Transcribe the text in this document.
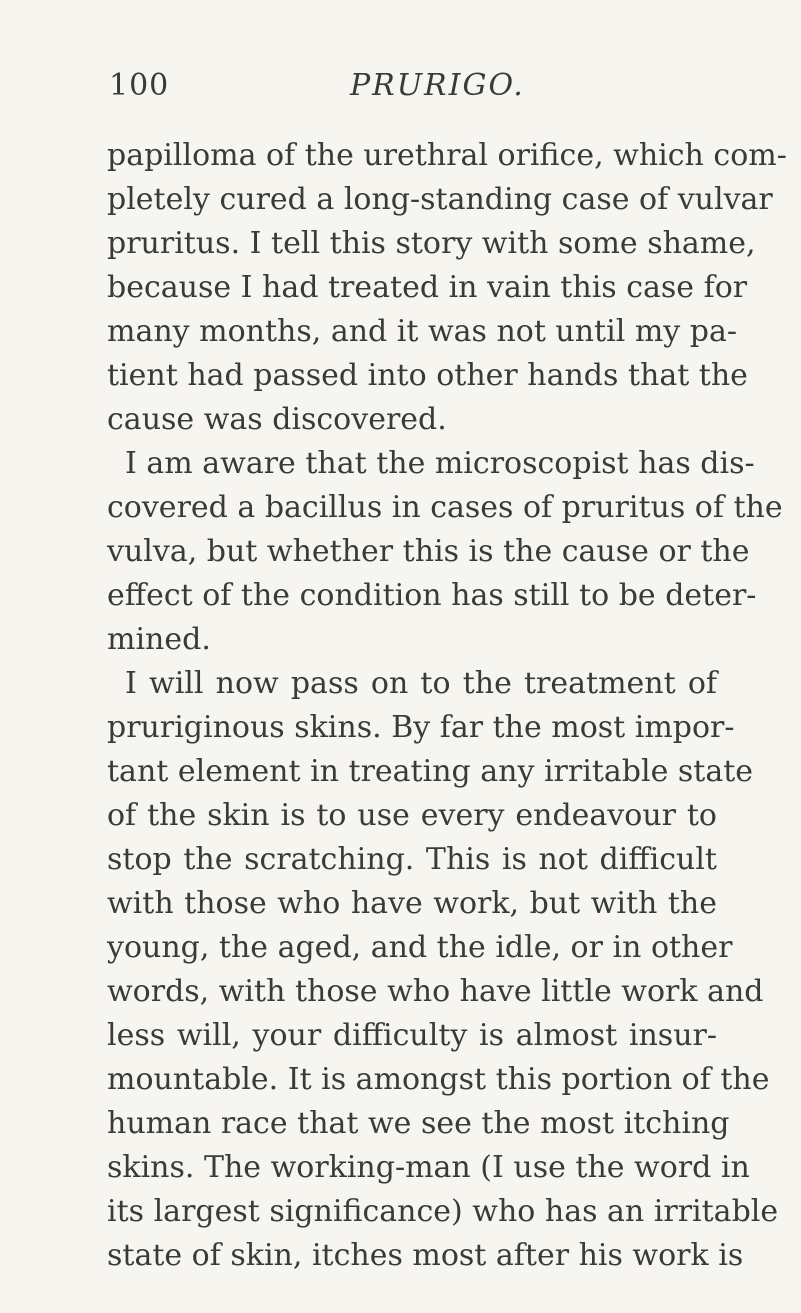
100	PRURIGO.
papilloma of the urethral orifice, which com-
pletely cured a long-standing case of vulvar
pruritus. I tell this story with some shame,
because I had treated in vain this case for
many months, and it was not until my pa-
tient had passed into other hands that the
cause was discovered.
I am aware that the microscopist has dis-
covered a bacillus in cases of pruritus of the
vulva, but whether this is the cause or the
effect of the condition has still to be deter-
mined.
I will now pass on to the treatment of
pruriginous skins. By far the most impor-
tant element in treating any irritable state
of the skin is to use every endeavour to
stop the scratching. This is not difficult
with those who have work, but with the
young, the aged, and the idle, or in other
words, with those who have little work and
less will, your difficulty is almost insur-
mountable. It is amongst this portion of the
human race that we see the most itching
skins. The working-man (I use the word in
its largest significance) who has an irritable
state of skin, itches most after his work is
